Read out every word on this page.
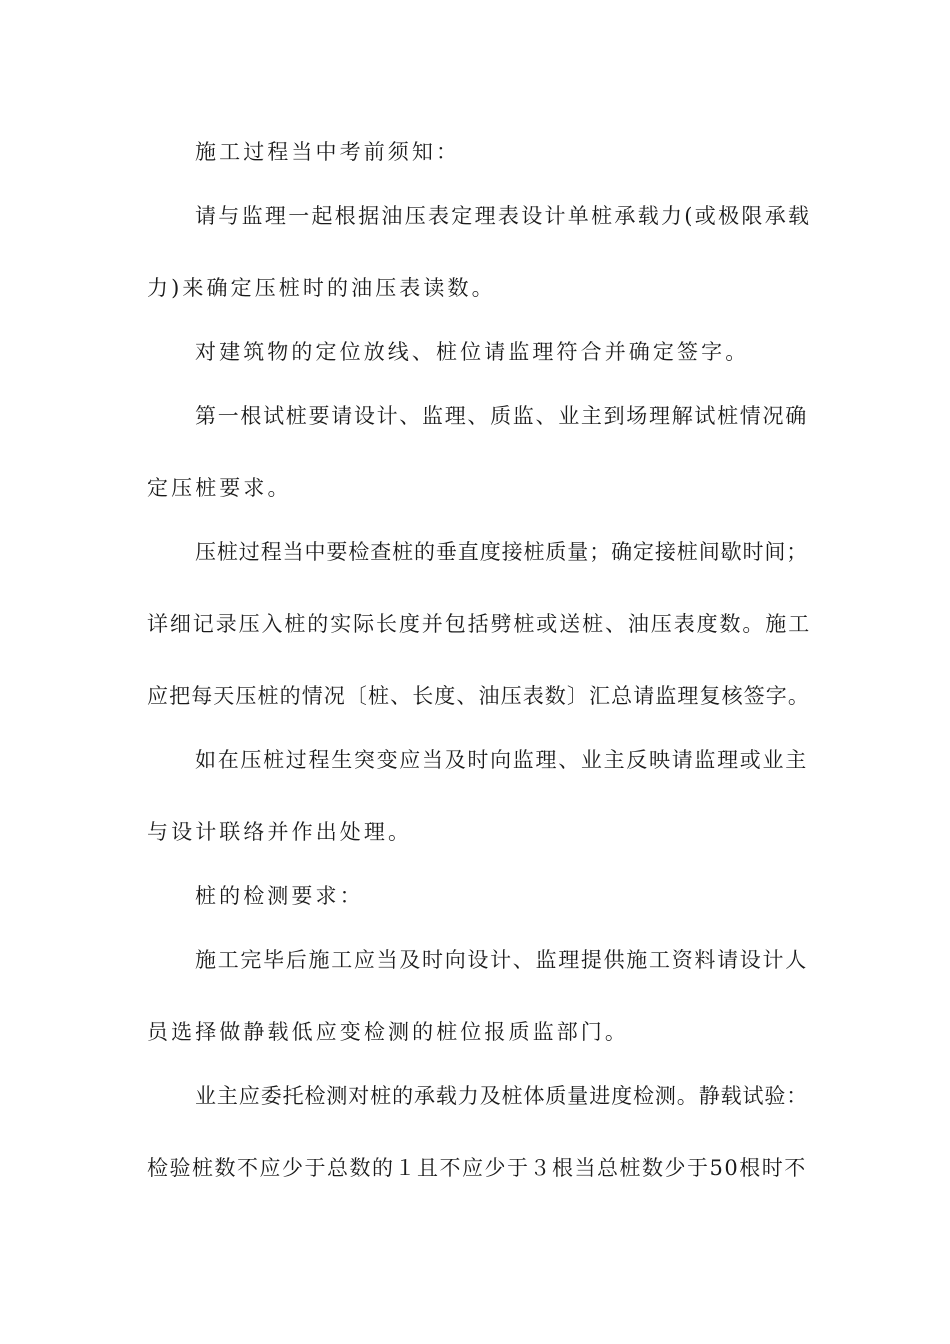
施工过程当中考前须知：
请与监理一起根据油压表定理表设计单桩承载力(或极限承载
力)来确定压桩时的油压表读数。
对建筑物的定位放线、桩位请监理符合并确定签字。
第一根试桩要请设计、监理、质监、业主到场理解试桩情况确
定压桩要求。
压桩过程当中要检查桩的垂直度接桩质量；确定接桩间歇时间；
详细记录压入桩的实际长度并包括劈桩或送桩、油压表度数。施工
应把每天压桩的情况〔桩、长度、油压表数〕汇总请监理复核签字。
如在压桩过程生突变应当及时向监理、业主反映请监理或业主
与设计联络并作出处理。
桩的检测要求：
施工完毕后施工应当及时向设计、监理提供施工资料请设计人
员选择做静载低应变检测的桩位报质监部门。
业主应委托检测对桩的承载力及桩体质量进度检测。静载试验：
检验桩数不应少于总数的１且不应少于３根当总桩数少于50根时不
